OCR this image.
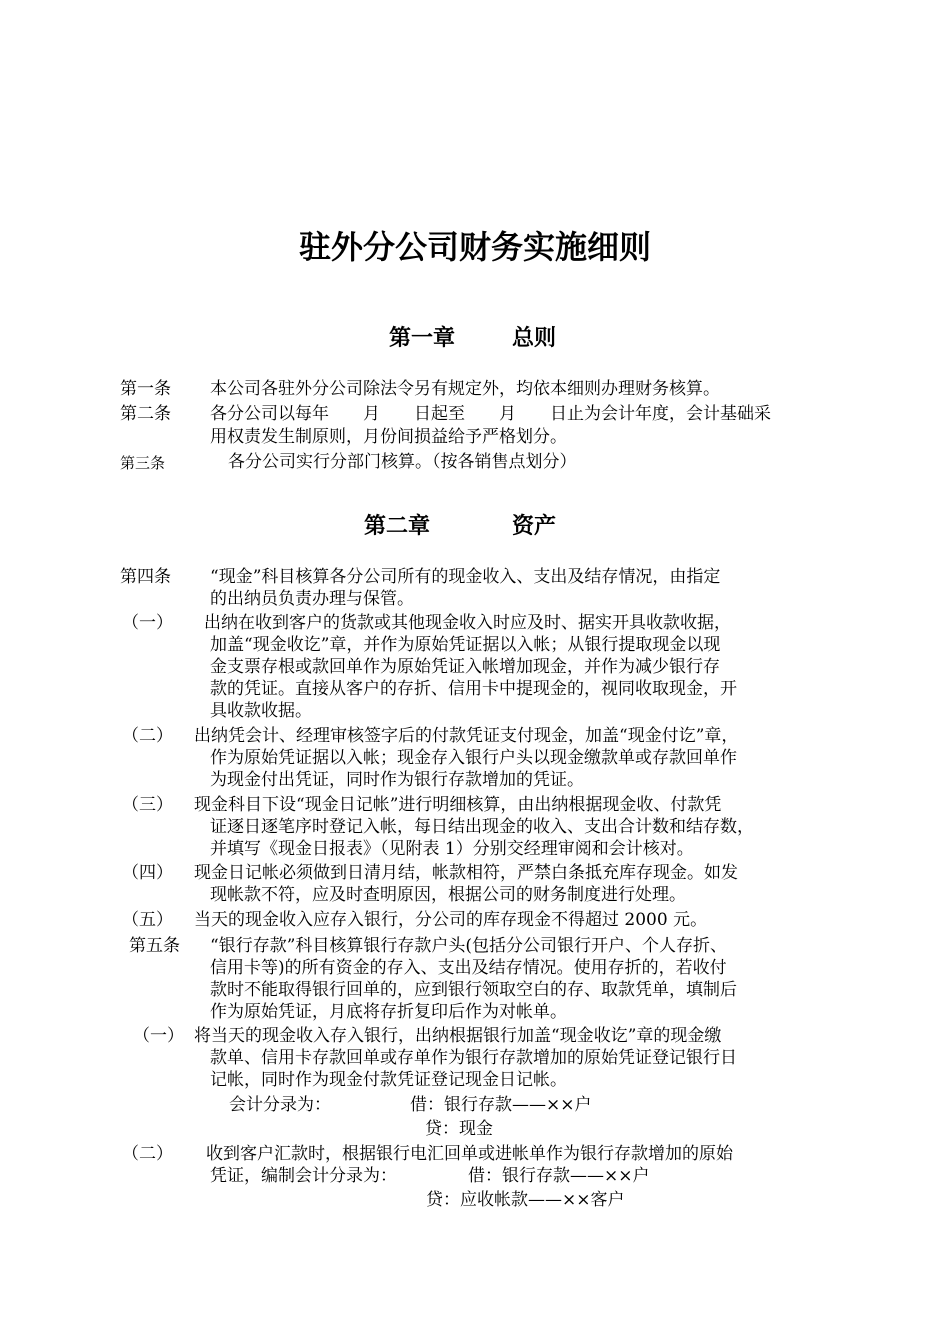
驻外分公司财务实施细则
第一章	总则
第一条 本公司各驻外分公司除法令另有规定外，均依本细则办理财务核算。
第二条 各分公司以每年　　月　　日起至　　月　　日止为会计年度，会计基础采
用权责发生制原则，月份间损益给予严格划分。
第三条	各分公司实行分部门核算。（按各销售点划分）
第二章	资产
第四条 “现金”科目核算各分公司所有的现金收入、支出及结存情况，由指定
的出纳员负责办理与保管。
（一） 出纳在收到客户的货款或其他现金收入时应及时、据实开具收款收据，
加盖“现金收讫”章，并作为原始凭证据以入帐；从银行提取现金以现
金支票存根或款回单作为原始凭证入帐增加现金，并作为减少银行存
款的凭证。直接从客户的存折、信用卡中提现金的，视同收取现金，开
具收款收据。
（二） 出纳凭会计、经理审核签字后的付款凭证支付现金，加盖“现金付讫”章，
作为原始凭证据以入帐；现金存入银行户头以现金缴款单或存款回单作
为现金付出凭证，同时作为银行存款增加的凭证。
（三） 现金科目下设“现金日记帐”进行明细核算，由出纳根据现金收、付款凭
证逐日逐笔序时登记入帐，每日结出现金的收入、支出合计数和结存数，
并填写《现金日报表》（见附表 1）分别交经理审阅和会计核对。
（四） 现金日记帐必须做到日清月结，帐款相符，严禁白条抵充库存现金。如发
现帐款不符，应及时查明原因，根据公司的财务制度进行处理。
（五） 当天的现金收入应存入银行，分公司的库存现金不得超过 2000 元。
第五条 “银行存款”科目核算银行存款户头(包括分公司银行开户、个人存折、
信用卡等)的所有资金的存入、支出及结存情况。使用存折的，若收付
款时不能取得银行回单的，应到银行领取空白的存、取款凭单，填制后
作为原始凭证，月底将存折复印后作为对帐单。
（一） 将当天的现金收入存入银行，出纳根据银行加盖“现金收讫”章的现金缴
款单、信用卡存款回单或存单作为银行存款增加的原始凭证登记银行日
记帐，同时作为现金付款凭证登记现金日记帐。
会计分录为：	借：银行存款——××户
贷：现金
（二） 收到客户汇款时，根据银行电汇回单或进帐单作为银行存款增加的原始
凭证，编制会计分录为：	借：银行存款——××户
贷：应收帐款——××客户
